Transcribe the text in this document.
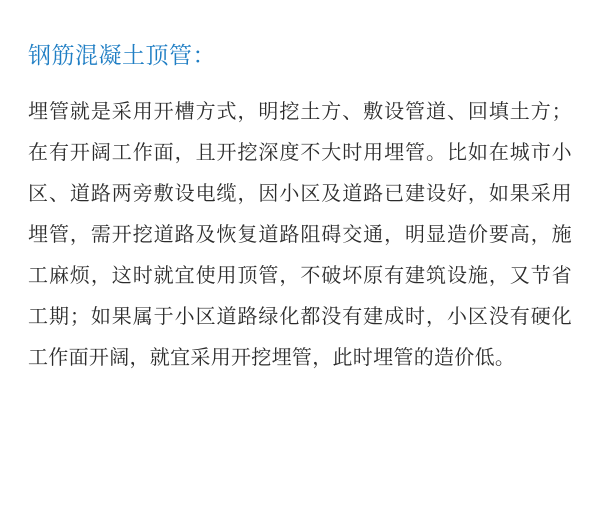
钢筋混凝土顶管：

埋管就是采用开槽方式，明挖土方、敷设管道、回填土方；在有开阔工作面，且开挖深度不大时用埋管。比如在城市小区、道路两旁敷设电缆，因小区及道路已建设好，如果采用埋管，需开挖道路及恢复道路阻碍交通，明显造价要高，施工麻烦，这时就宜使用顶管，不破坏原有建筑设施，又节省工期；如果属于小区道路绿化都没有建成时，小区没有硬化工作面开阔，就宜采用开挖埋管，此时埋管的造价低。
